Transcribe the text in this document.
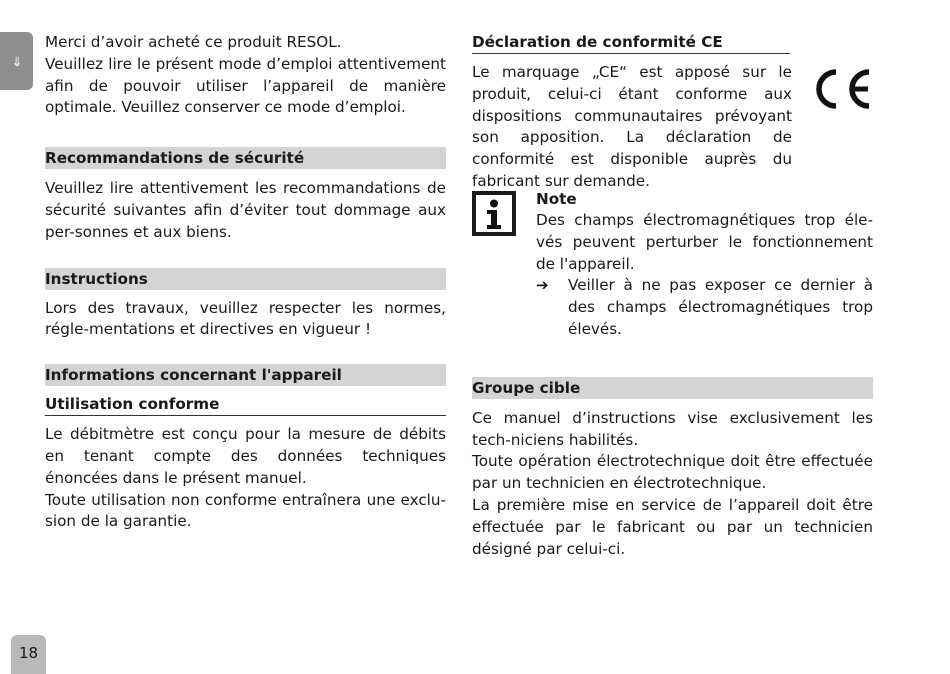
⇒
18

Merci d’avoir acheté ce produit RESOL.

Veuillez lire le présent mode d’emploi attentivement afin de pouvoir utiliser l’appareil de manière optimale. Veuillez conserver ce mode d’emploi.

Recommandations de sécurité

Veuillez lire attentivement les recommandations de sécurité suivantes afin d’éviter tout dommage aux per-sonnes et aux biens.

Instructions

Lors des travaux, veuillez respecter les normes, régle-mentations et directives en vigueur !

Informations concernant l'appareil
Utilisation conforme

Le débitmètre est conçu pour la mesure de débits en tenant compte des données techniques énoncées dans le présent manuel.

Toute utilisation non conforme entraînera une exclu-sion de la garantie.

Déclaration de conformité CE

Le marquage „CE“ est apposé sur le produit, celui-ci étant conforme aux dispositions communautaires prévoyant son apposition. La déclaration de conformité est disponible auprès du fabricant sur demande.

Groupe cible

Ce manuel d’instructions vise exclusivement les tech-niciens habilités.

Toute opération électrotechnique doit être effectuée par un technicien en électrotechnique.

La première mise en service de l’appareil doit être effectuée par le fabricant ou par un technicien désigné par celui-ci.

Note

Des champs électromagnétiques trop éle-vés peuvent perturber le fonctionnement de l'appareil.

➔	Veiller à ne pas exposer ce dernier à des champs électromagnétiques trop élevés.
